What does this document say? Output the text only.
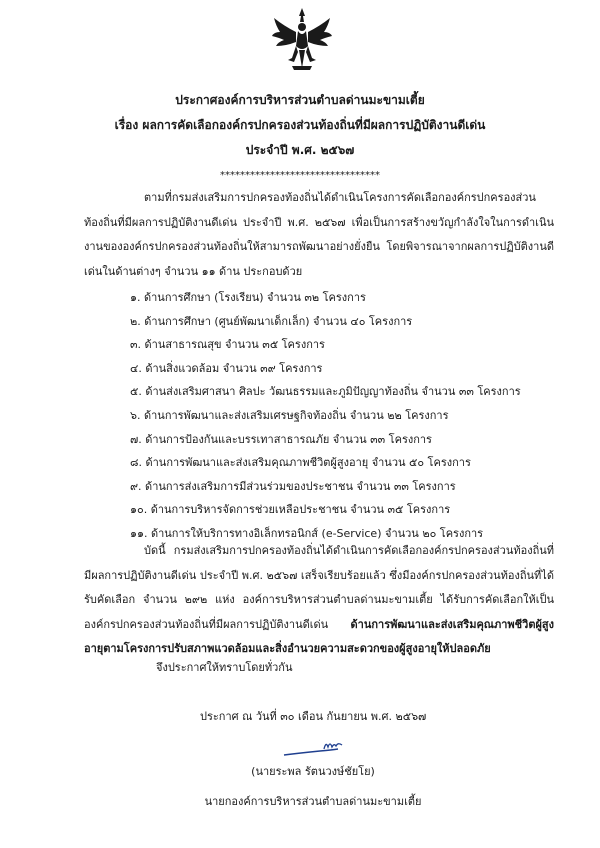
ประกาศองค์การบริหารส่วนตำบลด่านมะขามเตี้ย
เรื่อง ผลการคัดเลือกองค์กรปกครองส่วนท้องถิ่นที่มีผลการปฏิบัติงานดีเด่น
ประจำปี พ.ศ. ๒๕๖๗
********************************
ตามที่กรมส่งเสริมการปกครองท้องถิ่นได้ดำเนินโครงการคัดเลือกองค์กรปกครองส่วนท้องถิ่นที่มีผลการปฏิบัติงานดีเด่น ประจำปี พ.ศ. ๒๕๖๗ เพื่อเป็นการสร้างขวัญกำลังใจในการดำเนินงานขององค์กรปกครองส่วนท้องถิ่นให้สามารถพัฒนาอย่างยั่งยืน โดยพิจารณาจากผลการปฏิบัติงานดีเด่นในด้านต่างๆ จำนวน ๑๑ ด้าน ประกอบด้วย
๑. ด้านการศึกษา (โรงเรียน) จำนวน ๓๒ โครงการ
๒. ด้านการศึกษา (ศูนย์พัฒนาเด็กเล็ก) จำนวน ๔๐ โครงการ
๓. ด้านสาธารณสุข จำนวน ๓๕ โครงการ
๔. ด้านสิ่งแวดล้อม จำนวน ๓๙ โครงการ
๕. ด้านส่งเสริมศาสนา ศิลปะ วัฒนธรรมและภูมิปัญญาท้องถิ่น จำนวน ๓๓ โครงการ
๖. ด้านการพัฒนาและส่งเสริมเศรษฐกิจท้องถิ่น จำนวน ๒๒ โครงการ
๗. ด้านการป้องกันและบรรเทาสาธารณภัย จำนวน ๓๓ โครงการ
๘. ด้านการพัฒนาและส่งเสริมคุณภาพชีวิตผู้สูงอายุ จำนวน ๕๐ โครงการ
๙. ด้านการส่งเสริมการมีส่วนร่วมของประชาชน จำนวน ๓๓ โครงการ
๑๐. ด้านการบริหารจัดการช่วยเหลือประชาชน จำนวน ๓๕ โครงการ
๑๑. ด้านการให้บริการทางอิเล็กทรอนิกส์ (e-Service) จำนวน ๒๐ โครงการ
บัดนี้ กรมส่งเสริมการปกครองท้องถิ่นได้ดำเนินการคัดเลือกองค์กรปกครองส่วนท้องถิ่นที่มีผลการปฏิบัติงานดีเด่น ประจำปี พ.ศ. ๒๕๖๗ เสร็จเรียบร้อยแล้ว ซึ่งมีองค์กรปกครองส่วนท้องถิ่นที่ได้รับคัดเลือก จำนวน ๒๙๒ แห่ง องค์การบริหารส่วนตำบลด่านมะขามเตี้ย ได้รับการคัดเลือกให้เป็นองค์กรปกครองส่วนท้องถิ่นที่มีผลการปฏิบัติงานดีเด่น ด้านการพัฒนาและส่งเสริมคุณภาพชีวิตผู้สูงอายุตามโครงการปรับสภาพแวดล้อมและสิ่งอำนวยความสะดวกของผู้สูงอายุให้ปลอดภัย
จึงประกาศให้ทราบโดยทั่วกัน
ประกาศ ณ วันที่ ๓๐ เดือน กันยายน พ.ศ. ๒๕๖๗
(นายระพล รัตนวงษ์ชัยโย)
นายกองค์การบริหารส่วนตำบลด่านมะขามเตี้ย
